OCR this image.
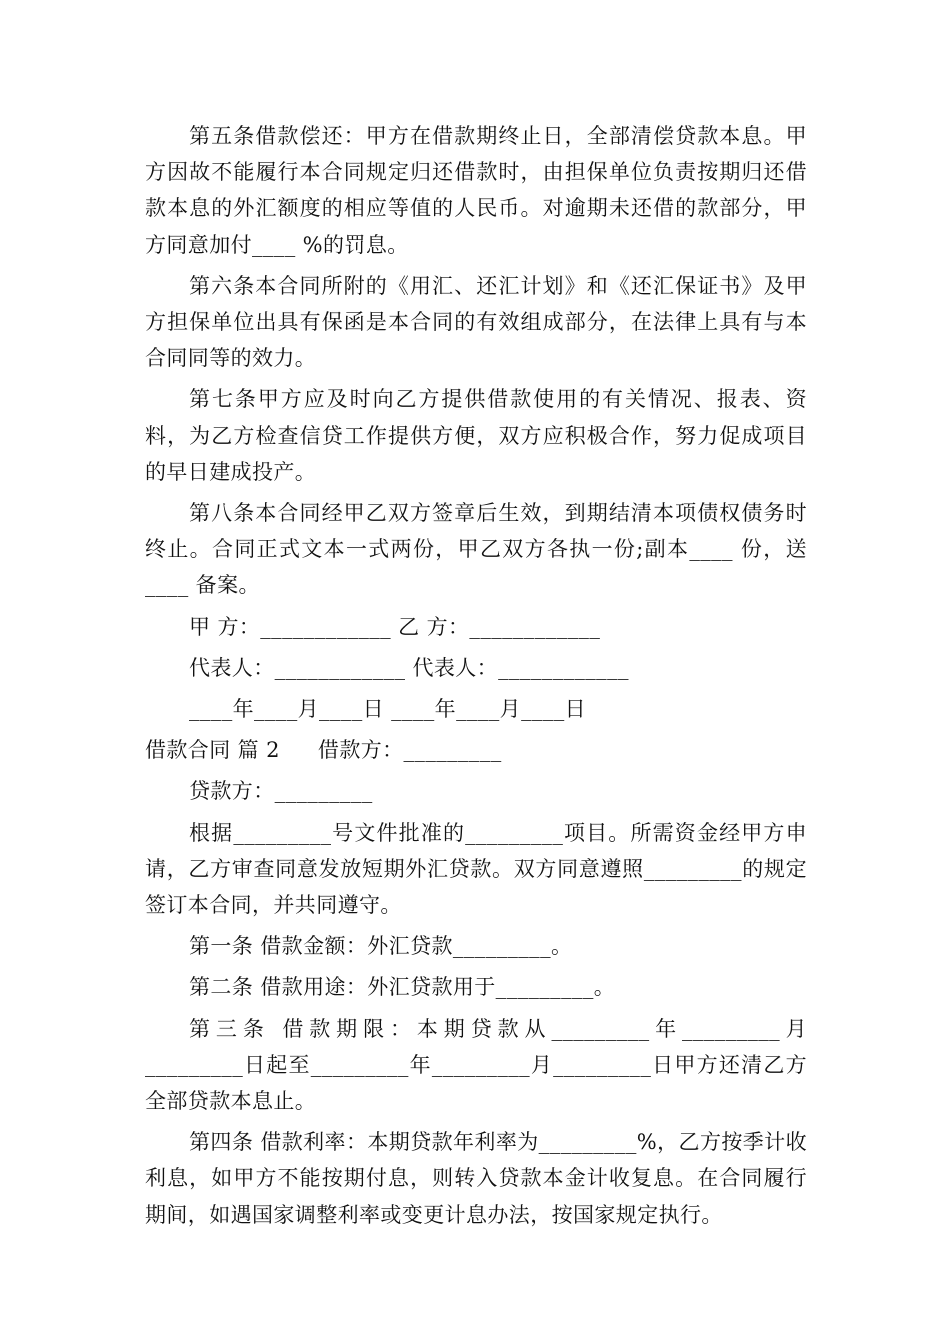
第五条借款偿还：甲方在借款期终止日，全部清偿贷款本息。甲方因故不能履行本合同规定归还借款时，由担保单位负责按期归还借款本息的外汇额度的相应等值的人民币。对逾期未还借的款部分，甲方同意加付____ %的罚息。

第六条本合同所附的《用汇、还汇计划》和《还汇保证书》及甲方担保单位出具有保函是本合同的有效组成部分，在法律上具有与本合同同等的效力。

第七条甲方应及时向乙方提供借款使用的有关情况、报表、资料，为乙方检查信贷工作提供方便，双方应积极合作，努力促成项目的早日建成投产。

第八条本合同经甲乙双方签章后生效，到期结清本项债权债务时终止。合同正式文本一式两份，甲乙双方各执一份;副本____ 份，送____ 备案。

甲 方：____________ 乙 方：____________
代表人：____________ 代表人：____________
____年____月____日 ____年____月____日
借款合同 篇 2 借款方：_________
贷款方：_________

根据_________号文件批准的_________项目。所需资金经甲方申请，乙方审查同意发放短期外汇贷款。双方同意遵照_________的规定签订本合同，并共同遵守。

第一条 借款金额：外汇贷款_________。

第二条 借款用途：外汇贷款用于_________。

第三条 借款期限：本期贷款从_________年_________月_________日起至_________年_________月_________日甲方还清乙方全部贷款本息止。

第四条 借款利率：本期贷款年利率为_________%，乙方按季计收利息，如甲方不能按期付息，则转入贷款本金计收复息。在合同履行期间，如遇国家调整利率或变更计息办法，按国家规定执行。
